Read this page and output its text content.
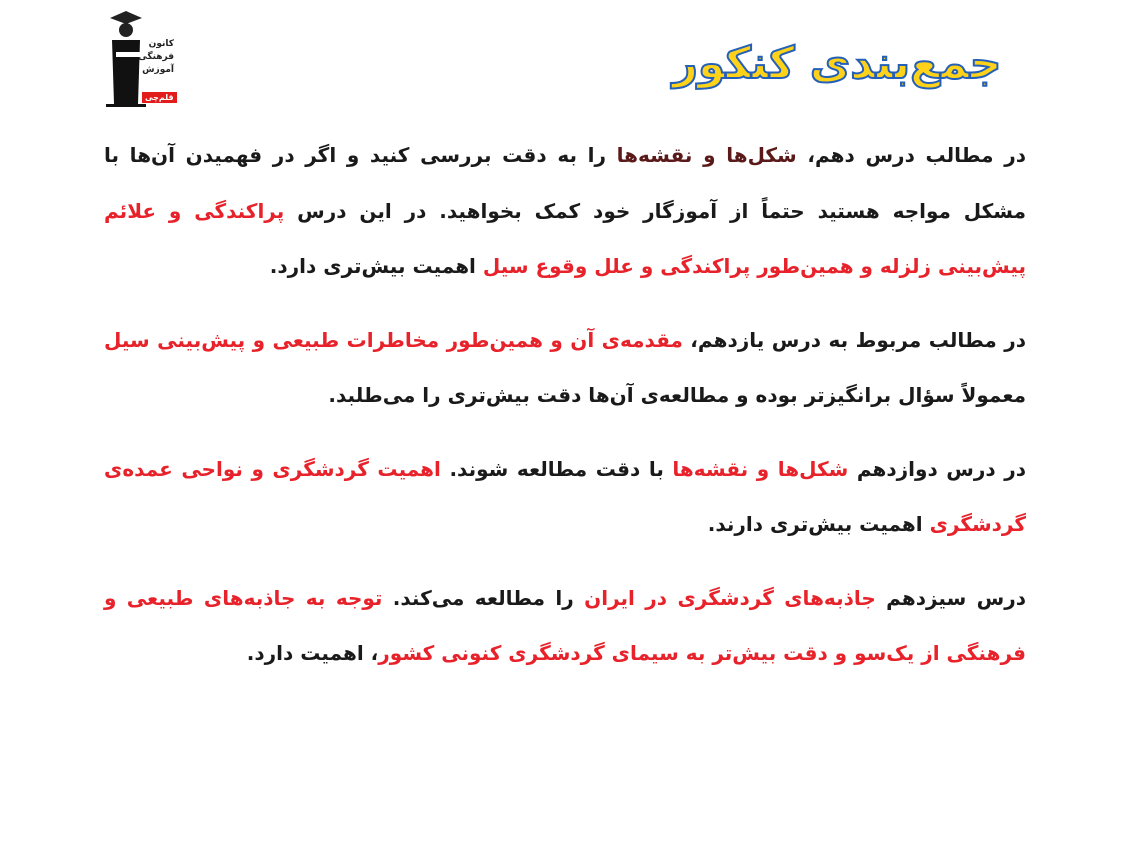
کانون
فرهنگی
آموزش
قلم‌چی
جمع‌بندی کنکور

در مطالب درس دهم، شکل‌ها و نقشه‌ها را به دقت بررسی کنید و اگر در فهمیدن آن‌ها با مشکل مواجه هستید حتماً از آموزگار خود کمک بخواهید. در این درس پراکندگی و علائم پیش‌بینی زلزله و همین‌طور پراکندگی و علل وقوع سیل اهمیت بیش‌تری دارد.

در مطالب مربوط به درس یازدهم، مقدمه‌ی آن و همین‌طور مخاطرات طبیعی و پیش‌بینی سیل معمولاً سؤال برانگیزتر بوده و مطالعه‌ی آن‌ها دقت بیش‌تری را می‌طلبد.

در درس دوازدهم شکل‌ها و نقشه‌ها با دقت مطالعه شوند. اهمیت گردشگری و نواحی عمده‌ی گردشگری اهمیت بیش‌تری دارند.

درس سیزدهم جاذبه‌های گردشگری در ایران را مطالعه می‌کند. توجه به جاذبه‌های طبیعی و فرهنگی از یک‌سو و دقت بیش‌تر به سیمای گردشگری کنونی کشور، اهمیت دارد.
